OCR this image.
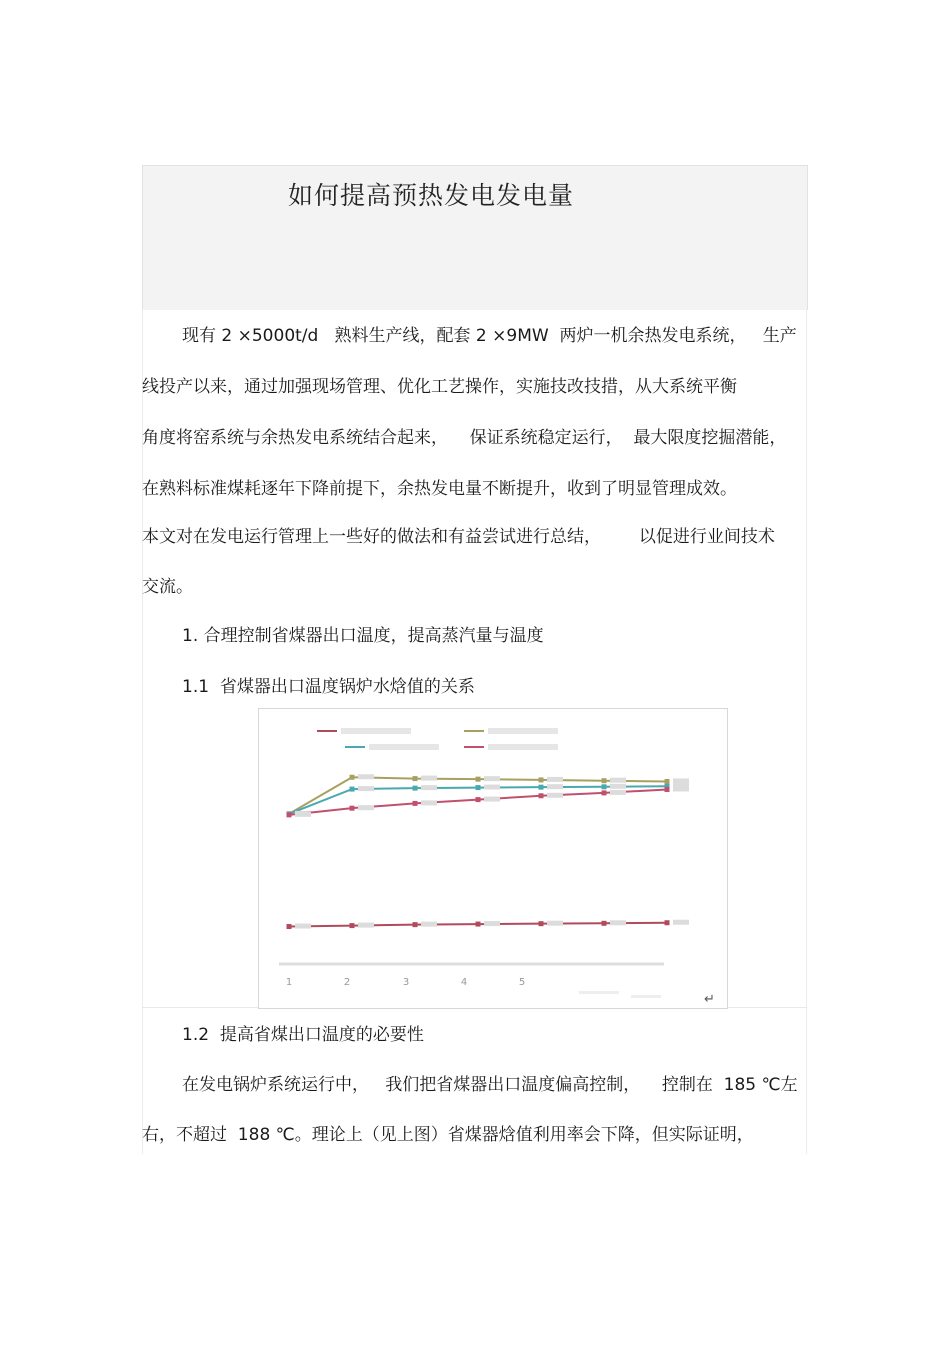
如何提高预热发电发电量
现有 2 ×5000t/d   熟料生产线，配套 2 ×9MW  两炉一机余热发电系统，   生产
线投产以来，通过加强现场管理、优化工艺操作，实施技改技措，从大系统平衡
角度将窑系统与余热发电系统结合起来，    保证系统稳定运行，  最大限度挖掘潜能，
在熟料标准煤耗逐年下降前提下，余热发电量不断提升，收到了明显管理成效。
本文对在发电运行管理上一些好的做法和有益尝试进行总结，       以促进行业间技术
交流。
1. 合理控制省煤器出口温度，提高蒸汽量与温度
1.1  省煤器出口温度锅炉水焓值的关系
1	2	3	4	5
↵
1.2  提高省煤出口温度的必要性
在发电锅炉系统运行中，   我们把省煤器出口温度偏高控制，    控制在  185 ℃左
右，不超过  188 ℃。理论上（见上图）省煤器焓值利用率会下降，但实际证明，
